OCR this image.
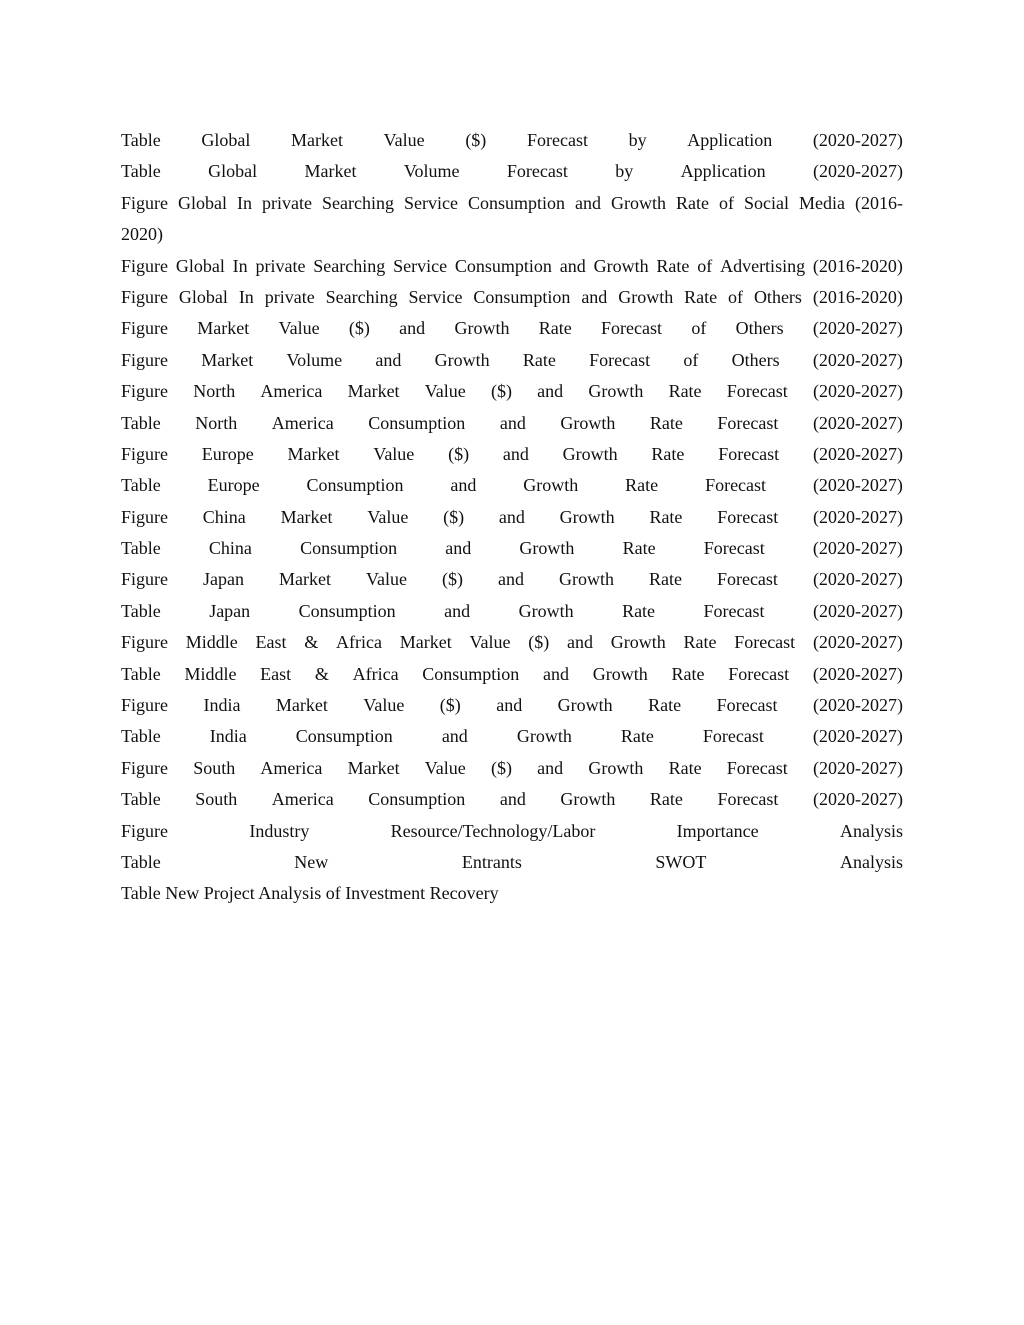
Table Global Market Value ($) Forecast by Application (2020-2027)
Table	Global	Market	Volume	Forecast	by	Application	(2020-2027)
Figure Global In private Searching Service Consumption and Growth Rate of Social Media (2016-
2020)
Figure Global In private Searching Service Consumption and Growth Rate of Advertising (2016-2020)
Figure Global In private Searching Service Consumption and Growth Rate of Others (2016-2020)
Figure Market Value ($) and Growth Rate Forecast of Others (2020-2027)
Figure Market Volume and Growth Rate Forecast of Others (2020-2027)
Figure North America Market Value ($) and Growth Rate Forecast (2020-2027)
Table North America Consumption and Growth Rate Forecast (2020-2027)
Figure Europe Market Value ($) and Growth Rate Forecast (2020-2027)
Table	Europe	Consumption	and	Growth	Rate	Forecast	(2020-2027)
Figure China Market Value ($) and Growth Rate Forecast (2020-2027)
Table	China	Consumption	and	Growth	Rate	Forecast	(2020-2027)
Figure Japan Market Value ($) and Growth Rate Forecast (2020-2027)
Table	Japan	Consumption	and	Growth	Rate	Forecast	(2020-2027)
Figure Middle East & Africa Market Value ($) and Growth Rate Forecast (2020-2027)
Table Middle East & Africa Consumption and Growth Rate Forecast (2020-2027)
Figure India Market Value ($) and Growth Rate Forecast (2020-2027)
Table	India	Consumption	and	Growth	Rate	Forecast	(2020-2027)
Figure South America Market Value ($) and Growth Rate Forecast (2020-2027)
Table South America Consumption and Growth Rate Forecast (2020-2027)
Figure	Industry	Resource/Technology/Labor	Importance	Analysis
Table	New	Entrants	SWOT	Analysis
Table New Project Analysis of Investment Recovery
